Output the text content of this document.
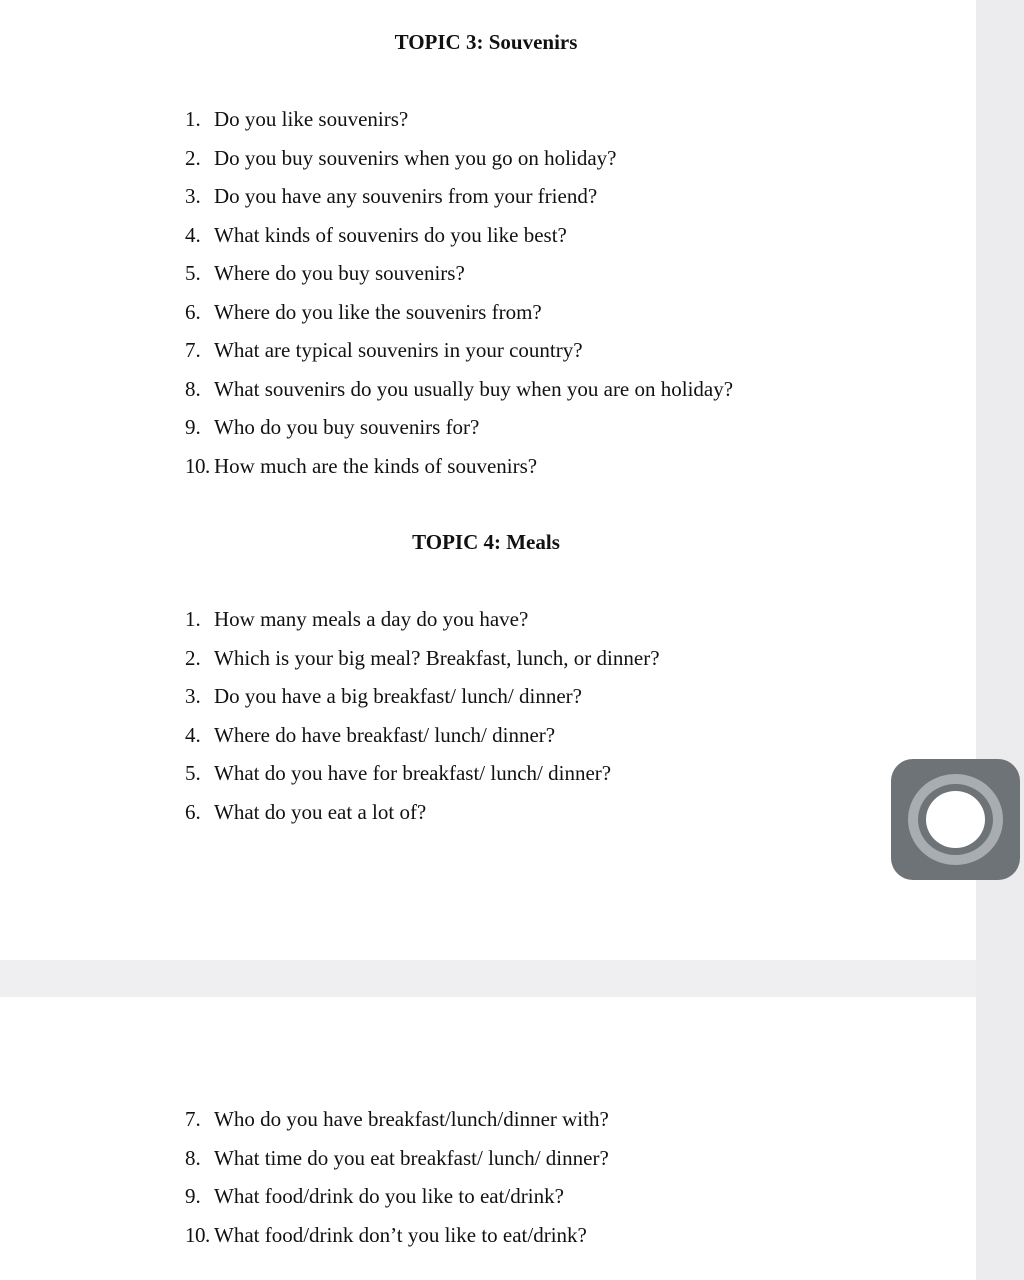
TOPIC 3: Souvenirs
1. Do you like souvenirs?
2. Do you buy souvenirs when you go on holiday?
3. Do you have any souvenirs from your friend?
4. What kinds of souvenirs do you like best?
5. Where do you buy souvenirs?
6. Where do you like the souvenirs from?
7. What are typical souvenirs in your country?
8. What souvenirs do you usually buy when you are on holiday?
9. Who do you buy souvenirs for?
10. How much are the kinds of souvenirs?
TOPIC 4: Meals
1. How many meals a day do you have?
2. Which is your big meal? Breakfast, lunch, or dinner?
3. Do you have a big breakfast/ lunch/ dinner?
4. Where do have breakfast/ lunch/ dinner?
5. What do you have for breakfast/ lunch/ dinner?
6. What do you eat a lot of?
7. Who do you have breakfast/lunch/dinner with?
8. What time do you eat breakfast/ lunch/ dinner?
9. What food/drink do you like to eat/drink?
10. What food/drink don’t you like to eat/drink?
